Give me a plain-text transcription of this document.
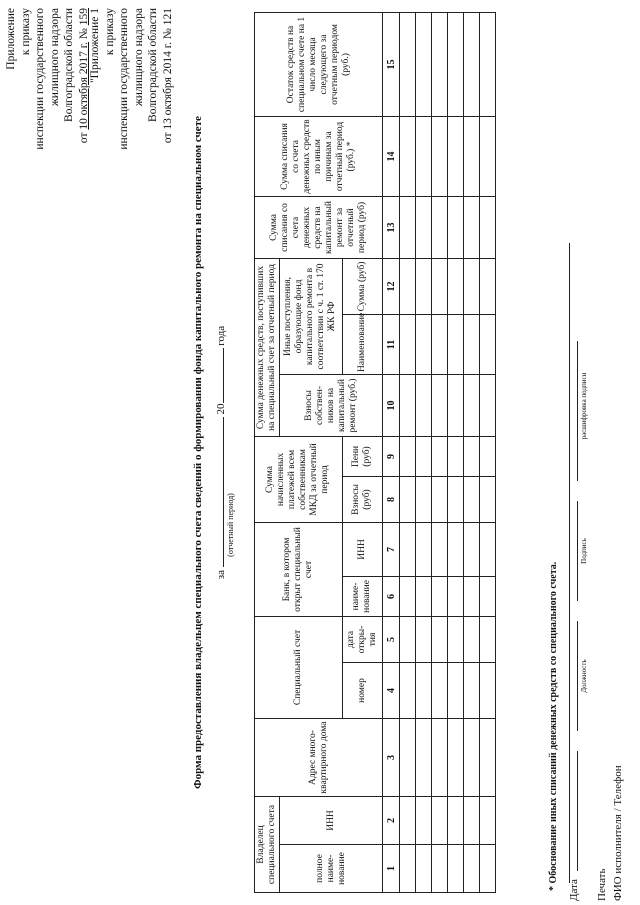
Приложение к приказу инспекции государственного жилищного надзора Волгоградской области
от 10 октября 2017 г. № 159 "Приложение 1 к приказу инспекции государственного жилищного надзора Волгоградской области от 13 октября 2014 г. № 121
Форма предоставления владельцем специального счета сведений о формировании фонда капитального ремонта на специальном счете за  20 года
(отчетный период)
Владелец специального счета		Адрес много-квартирного дома	Специальный счет		Банк, в котором открыт специальный счет		Сумма начисленных платежей всем собственникам МКД за отчетный период		Сумма денежных средств, поступивших на специальный счет за отчетный период			Сумма списания со счета денежных средств на капитальный ремонт за отчетный период (руб)	Сумма списания со счета денежных средств по иным причинам за отчетный период (руб.) *	Остаток средств на специальном счете на 1 число месяца следующего за отчетным периодом (руб.)
полное наиме-нование	ИНН								Взносы собствен-ников на капитальный ремонт (руб.)	Иные поступления, образующие фонд капитального ремонта в соответствии с ч. 1 ст. 170 ЖК РФ				
			номер	дата откры-тия	наиме-нование	ИНН	Взносы (руб)	Пени (руб)		Наименование	Сумма (руб)			
1	2	3	4	5	6	7	8	9	10	11	12	13	14	15

* Обоснование иных списаний денежных средств со специального счета.

Дата
Должность
Подпись
расшифровка подписи
Печать ФИО исполнителя / Телефон
